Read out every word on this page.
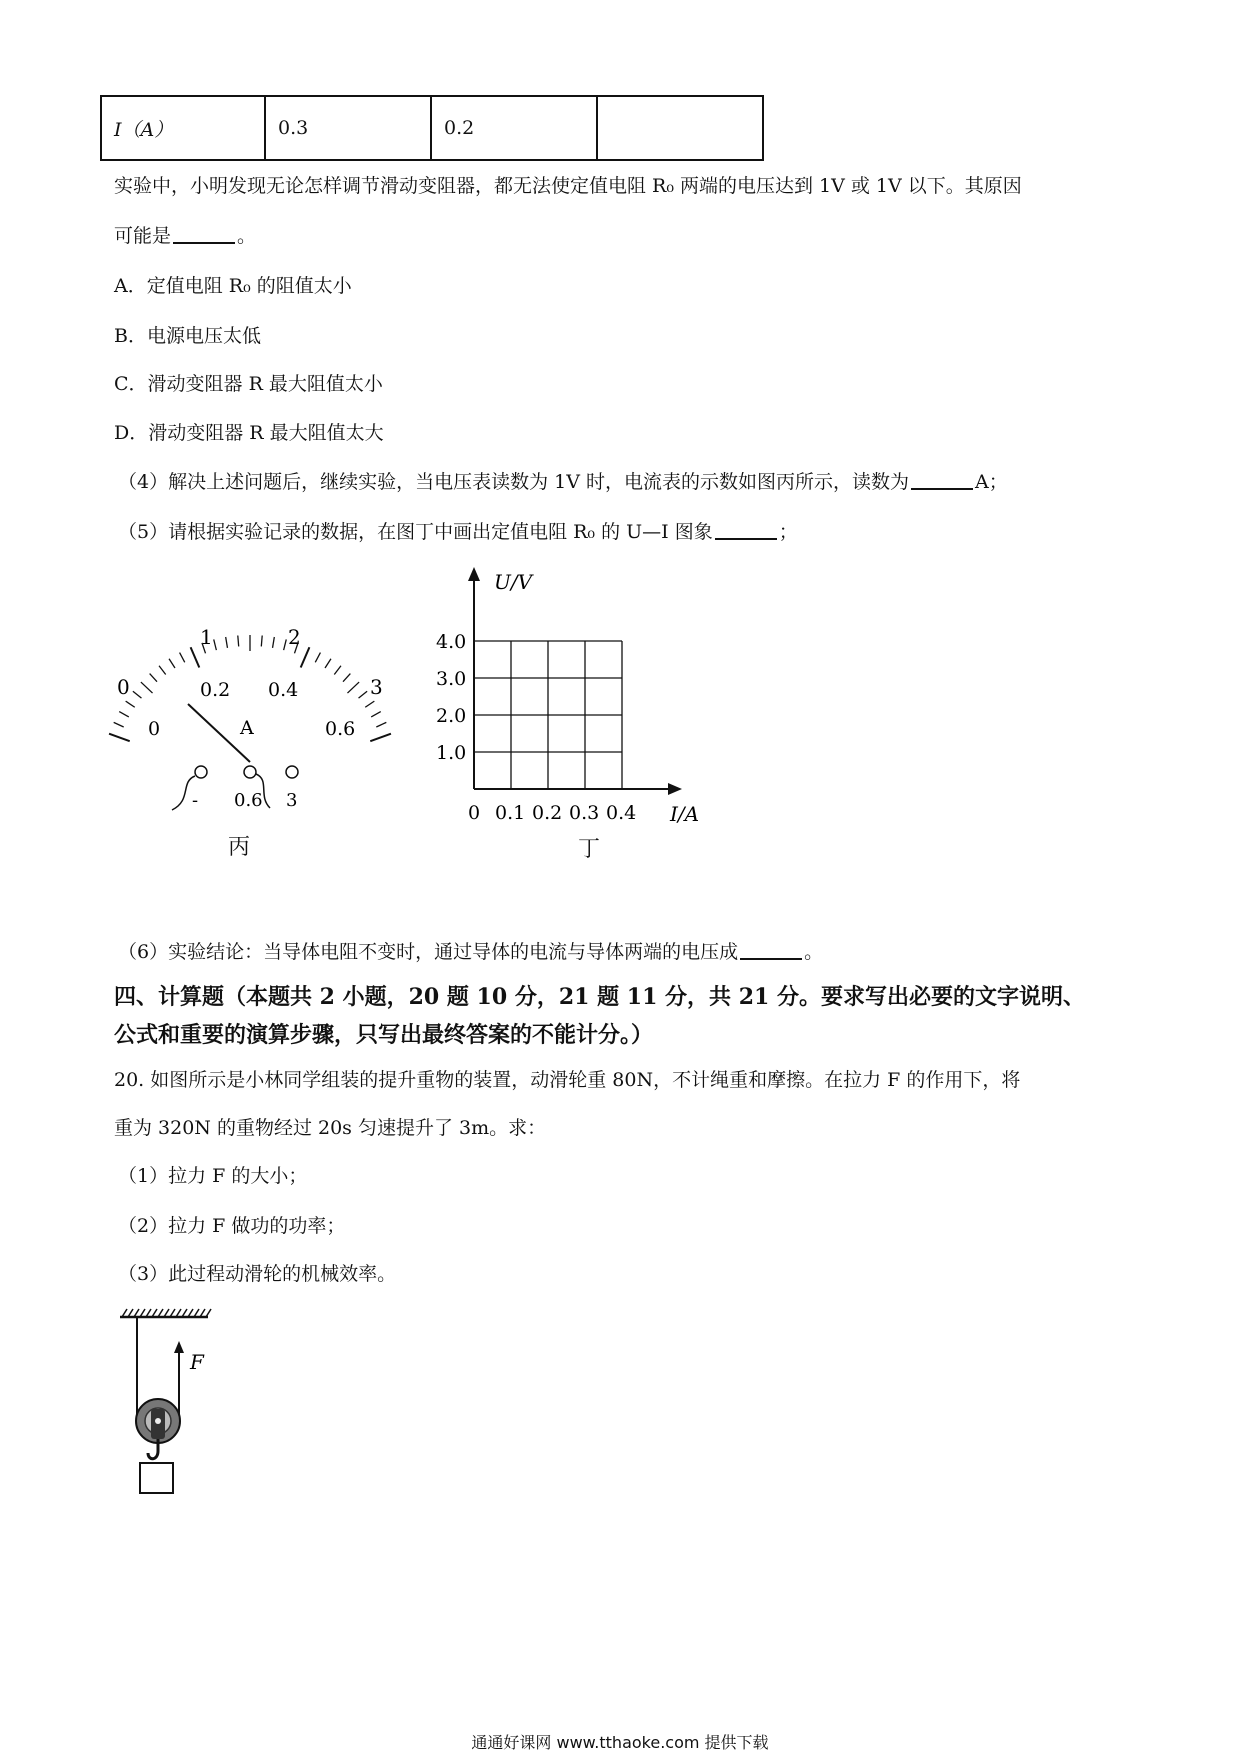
I（A）	0.3	0.2	
实验中，小明发现无论怎样调节滑动变阻器，都无法使定值电阻 R₀ 两端的电压达到 1V 或 1V 以下。其原因
可能是	。
A．定值电阻 R₀ 的阻值太小
B．电源电压太低
C．滑动变阻器 R 最大阻值太小
D．滑动变阻器 R 最大阻值太大
（4）解决上述问题后，继续实验，当电压表读数为 1V 时，电流表的示数如图丙所示，读数为	A；
（5）请根据实验记录的数据，在图丁中画出定值电阻 R₀ 的 U—I 图象	；
0
1	2
3
0
0.2 0.4
0.6
A
- 0.6 3
丙
U/V
I/A
1.0
2.0
3.0
4.0
0 0.1 0.2 0.3 0.4
丁
（6）实验结论：当导体电阻不变时，通过导体的电流与导体两端的电压成	。
四、计算题（本题共 2 小题，20 题 10 分，21 题 11 分，共 21 分。要求写出必要的文字说明、
公式和重要的演算步骤，只写出最终答案的不能计分。）
20. 如图所示是小林同学组装的提升重物的装置，动滑轮重 80N，不计绳重和摩擦。在拉力 F 的作用下，将
重为 320N 的重物经过 20s 匀速提升了 3m。求：
（1）拉力 F 的大小；
（2）拉力 F 做功的功率；
（3）此过程动滑轮的机械效率。
F
通通好课网 www.tthaoke.com 提供下载
